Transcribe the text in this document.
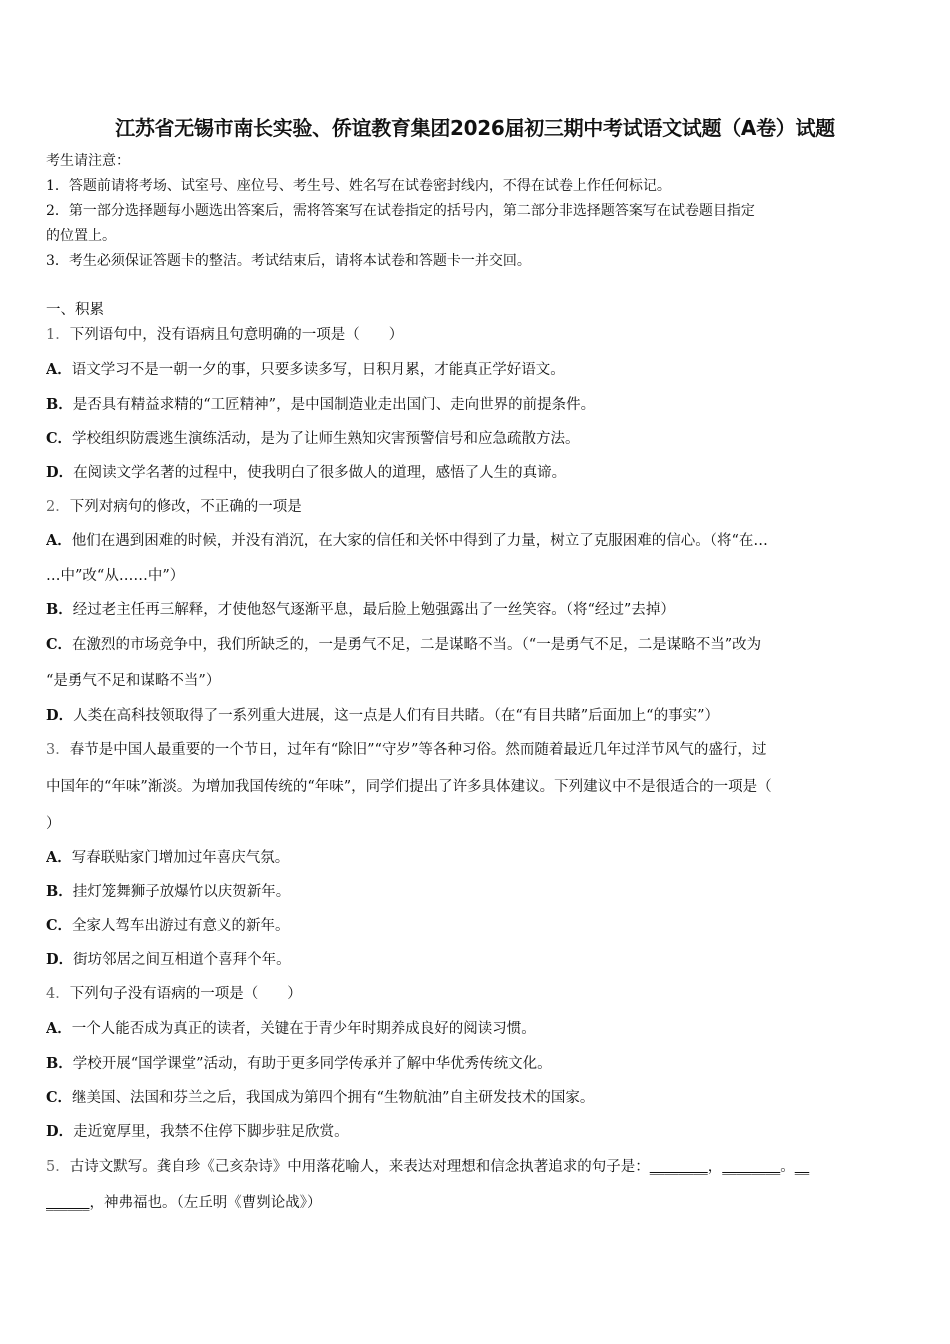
江苏省无锡市南长实验、侨谊教育集团2026届初三期中考试语文试题（A卷）试题
考生请注意：
1．答题前请将考场、试室号、座位号、考生号、姓名写在试卷密封线内，不得在试卷上作任何标记。
2．第一部分选择题每小题选出答案后，需将答案写在试卷指定的括号内，第二部分非选择题答案写在试卷题目指定
的位置上。
3．考生必须保证答题卡的整洁。考试结束后，请将本试卷和答题卡一并交回。
一、积累
1．下列语句中，没有语病且句意明确的一项是（　　）
A．语文学习不是一朝一夕的事，只要多读多写，日积月累，才能真正学好语文。
B．是否具有精益求精的“工匠精神”，是中国制造业走出国门、走向世界的前提条件。
C．学校组织防震逃生演练活动，是为了让师生熟知灾害预警信号和应急疏散方法。
D．在阅读文学名著的过程中，使我明白了很多做人的道理，感悟了人生的真谛。
2．下列对病句的修改，不正确的一项是
A．他们在遇到困难的时候，并没有消沉，在大家的信任和关怀中得到了力量，树立了克服困难的信心。（将“在…
…中”改“从……中”）
B．经过老主任再三解释，才使他怒气逐渐平息，最后脸上勉强露出了一丝笑容。（将“经过”去掉）
C．在激烈的市场竞争中，我们所缺乏的，一是勇气不足，二是谋略不当。（“一是勇气不足，二是谋略不当”改为
“是勇气不足和谋略不当”）
D．人类在高科技领取得了一系列重大进展，这一点是人们有目共睹。（在“有目共睹”后面加上“的事实”）
3．春节是中国人最重要的一个节日，过年有“除旧”“守岁”等各种习俗。然而随着最近几年过洋节风气的盛行，过
中国年的“年味”渐淡。为增加我国传统的“年味”，同学们提出了许多具体建议。下列建议中不是很适合的一项是（
）
A．写春联贴家门增加过年喜庆气氛。
B．挂灯笼舞狮子放爆竹以庆贺新年。
C．全家人驾车出游过有意义的新年。
D．街坊邻居之间互相道个喜拜个年。
4．下列句子没有语病的一项是（　　）
A．一个人能否成为真正的读者，关键在于青少年时期养成良好的阅读习惯。
B．学校开展“国学课堂”活动，有助于更多同学传承并了解中华优秀传统文化。
C．继美国、法国和芬兰之后，我国成为第四个拥有“生物航油”自主研发技术的国家。
D．走近宽厚里，我禁不住停下脚步驻足欣赏。
5．古诗文默写。龚自珍《己亥杂诗》中用落花喻人，来表达对理想和信念执著追求的句子是：________，________。__
______，神弗福也。（左丘明《曹刿论战》）
